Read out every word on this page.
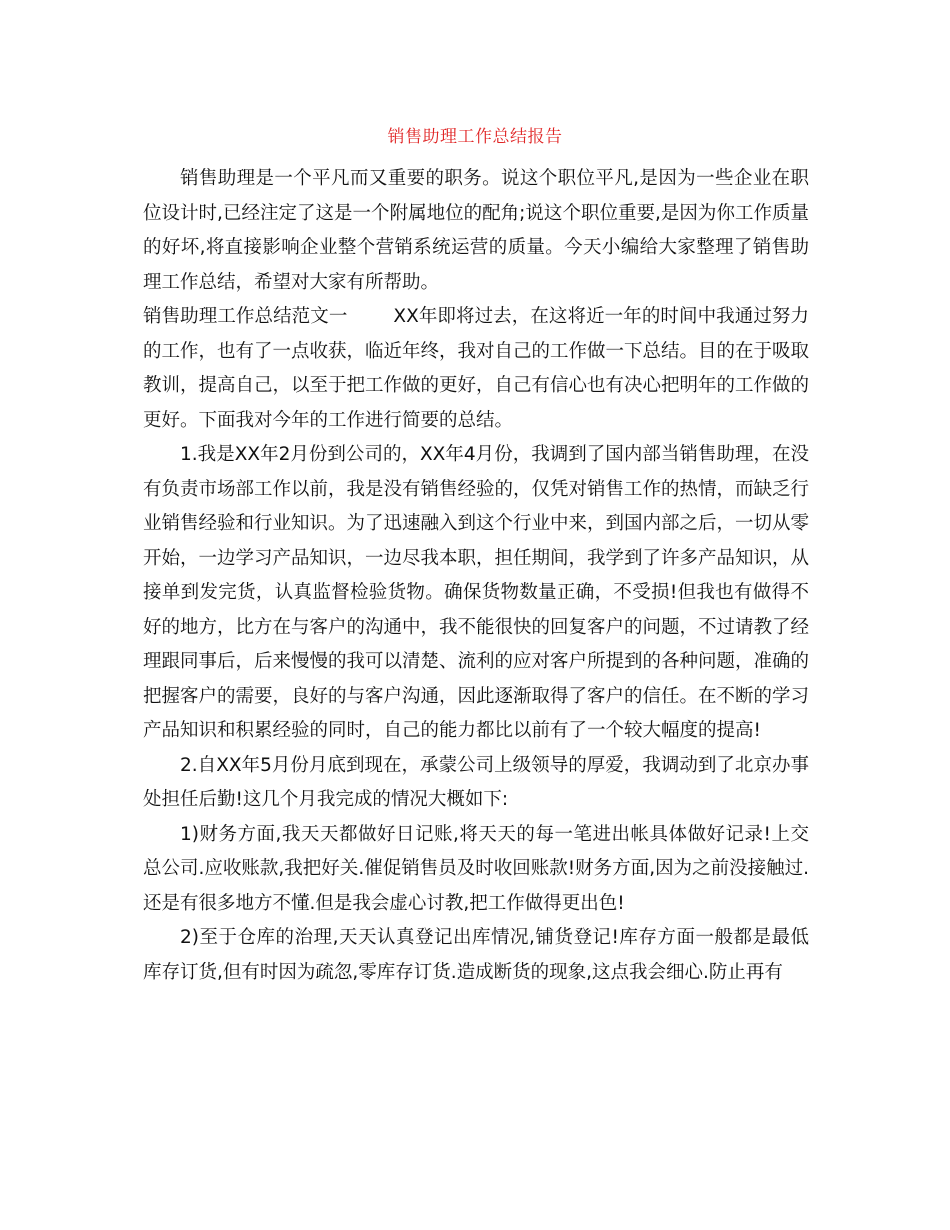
销售助理工作总结报告

销售助理是一个平凡而又重要的职务。说这个职位平凡,是因为一些企业在职位设计时,已经注定了这是一个附属地位的配角;说这个职位重要,是因为你工作质量的好坏,将直接影响企业整个营销系统运营的质量。今天小编给大家整理了销售助理工作总结，希望对大家有所帮助。

销售助理工作总结范文一 XX年即将过去，在这将近一年的时间中我通过努力的工作，也有了一点收获，临近年终，我对自己的工作做一下总结。目的在于吸取教训，提高自己，以至于把工作做的更好，自己有信心也有决心把明年的工作做的更好。下面我对今年的工作进行简要的总结。

1.我是XX年2月份到公司的，XX年4月份，我调到了国内部当销售助理，在没有负责市场部工作以前，我是没有销售经验的，仅凭对销售工作的热情，而缺乏行业销售经验和行业知识。为了迅速融入到这个行业中来，到国内部之后，一切从零开始，一边学习产品知识，一边尽我本职，担任期间，我学到了许多产品知识，从接单到发完货，认真监督检验货物。确保货物数量正确，不受损!但我也有做得不好的地方，比方在与客户的沟通中，我不能很快的回复客户的问题，不过请教了经理跟同事后，后来慢慢的我可以清楚、流利的应对客户所提到的各种问题，准确的把握客户的需要，良好的与客户沟通，因此逐渐取得了客户的信任。在不断的学习产品知识和积累经验的同时，自己的能力都比以前有了一个较大幅度的提高!

2.自XX年5月份月底到现在，承蒙公司上级领导的厚爱，我调动到了北京办事处担任后勤!这几个月我完成的情况大概如下:

1)财务方面,我天天都做好日记账,将天天的每一笔进出帐具体做好记录!上交总公司.应收账款,我把好关.催促销售员及时收回账款!财务方面,因为之前没接触过.还是有很多地方不懂.但是我会虚心讨教,把工作做得更出色!

2)至于仓库的治理,天天认真登记出库情况,铺货登记!库存方面一般都是最低库存订货,但有时因为疏忽,零库存订货.造成断货的现象,这点我会细心.防止再有
